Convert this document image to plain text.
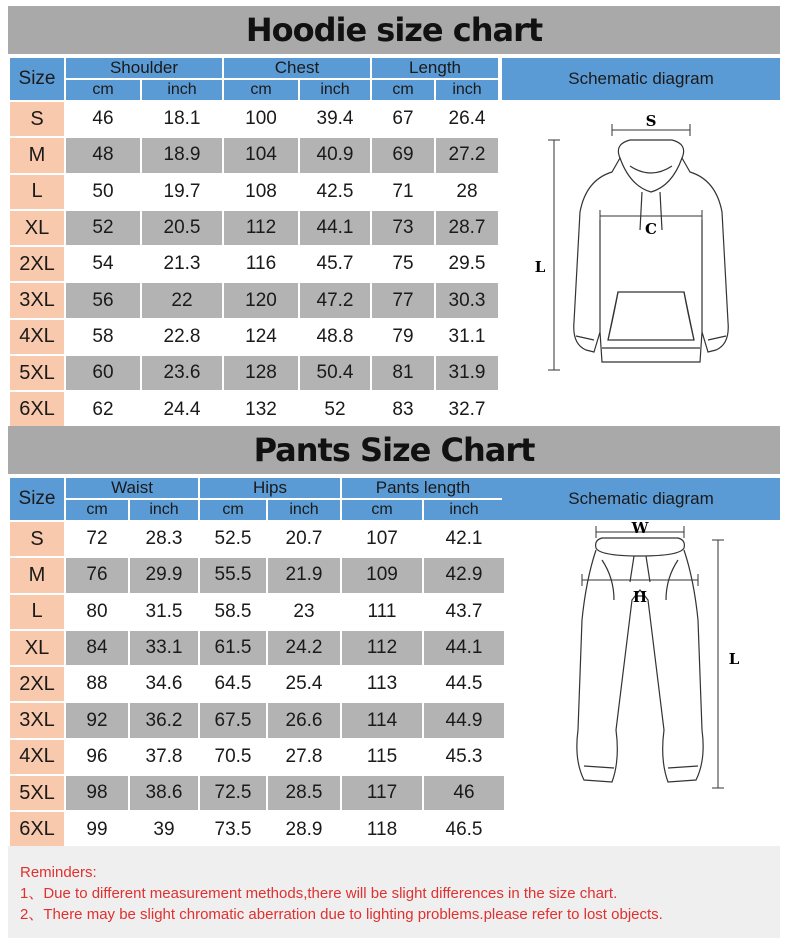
Hoodie size chart
Size	Shoulder		Chest		Length	
	cm	inch	cm	inch	cm	inch
S	46	18.1	100	39.4	67	26.4
M	48	18.9	104	40.9	69	27.2
L	50	19.7	108	42.5	71	28
XL	52	20.5	112	44.1	73	28.7
2XL	54	21.3	116	45.7	75	29.5
3XL	56	22	120	47.2	77	30.3
4XL	58	22.8	124	48.8	79	31.1
5XL	60	23.6	128	50.4	81	31.9
6XL	62	24.4	132	52	83	32.7
Schematic diagram
S
C
L
Pants Size Chart
Size	Waist		Hips		Pants length	
	cm	inch	cm	inch	cm	inch
S	72	28.3	52.5	20.7	107	42.1
M	76	29.9	55.5	21.9	109	42.9
L	80	31.5	58.5	23	111	43.7
XL	84	33.1	61.5	24.2	112	44.1
2XL	88	34.6	64.5	25.4	113	44.5
3XL	92	36.2	67.5	26.6	114	44.9
4XL	96	37.8	70.5	27.8	115	45.3
5XL	98	38.6	72.5	28.5	117	46
6XL	99	39	73.5	28.9	118	46.5
Schematic diagram
W
H
L
Reminders:
1、Due to different measurement methods,there will be slight differences in the size chart.
2、There may be slight chromatic aberration due to lighting problems.please refer to lost objects.
